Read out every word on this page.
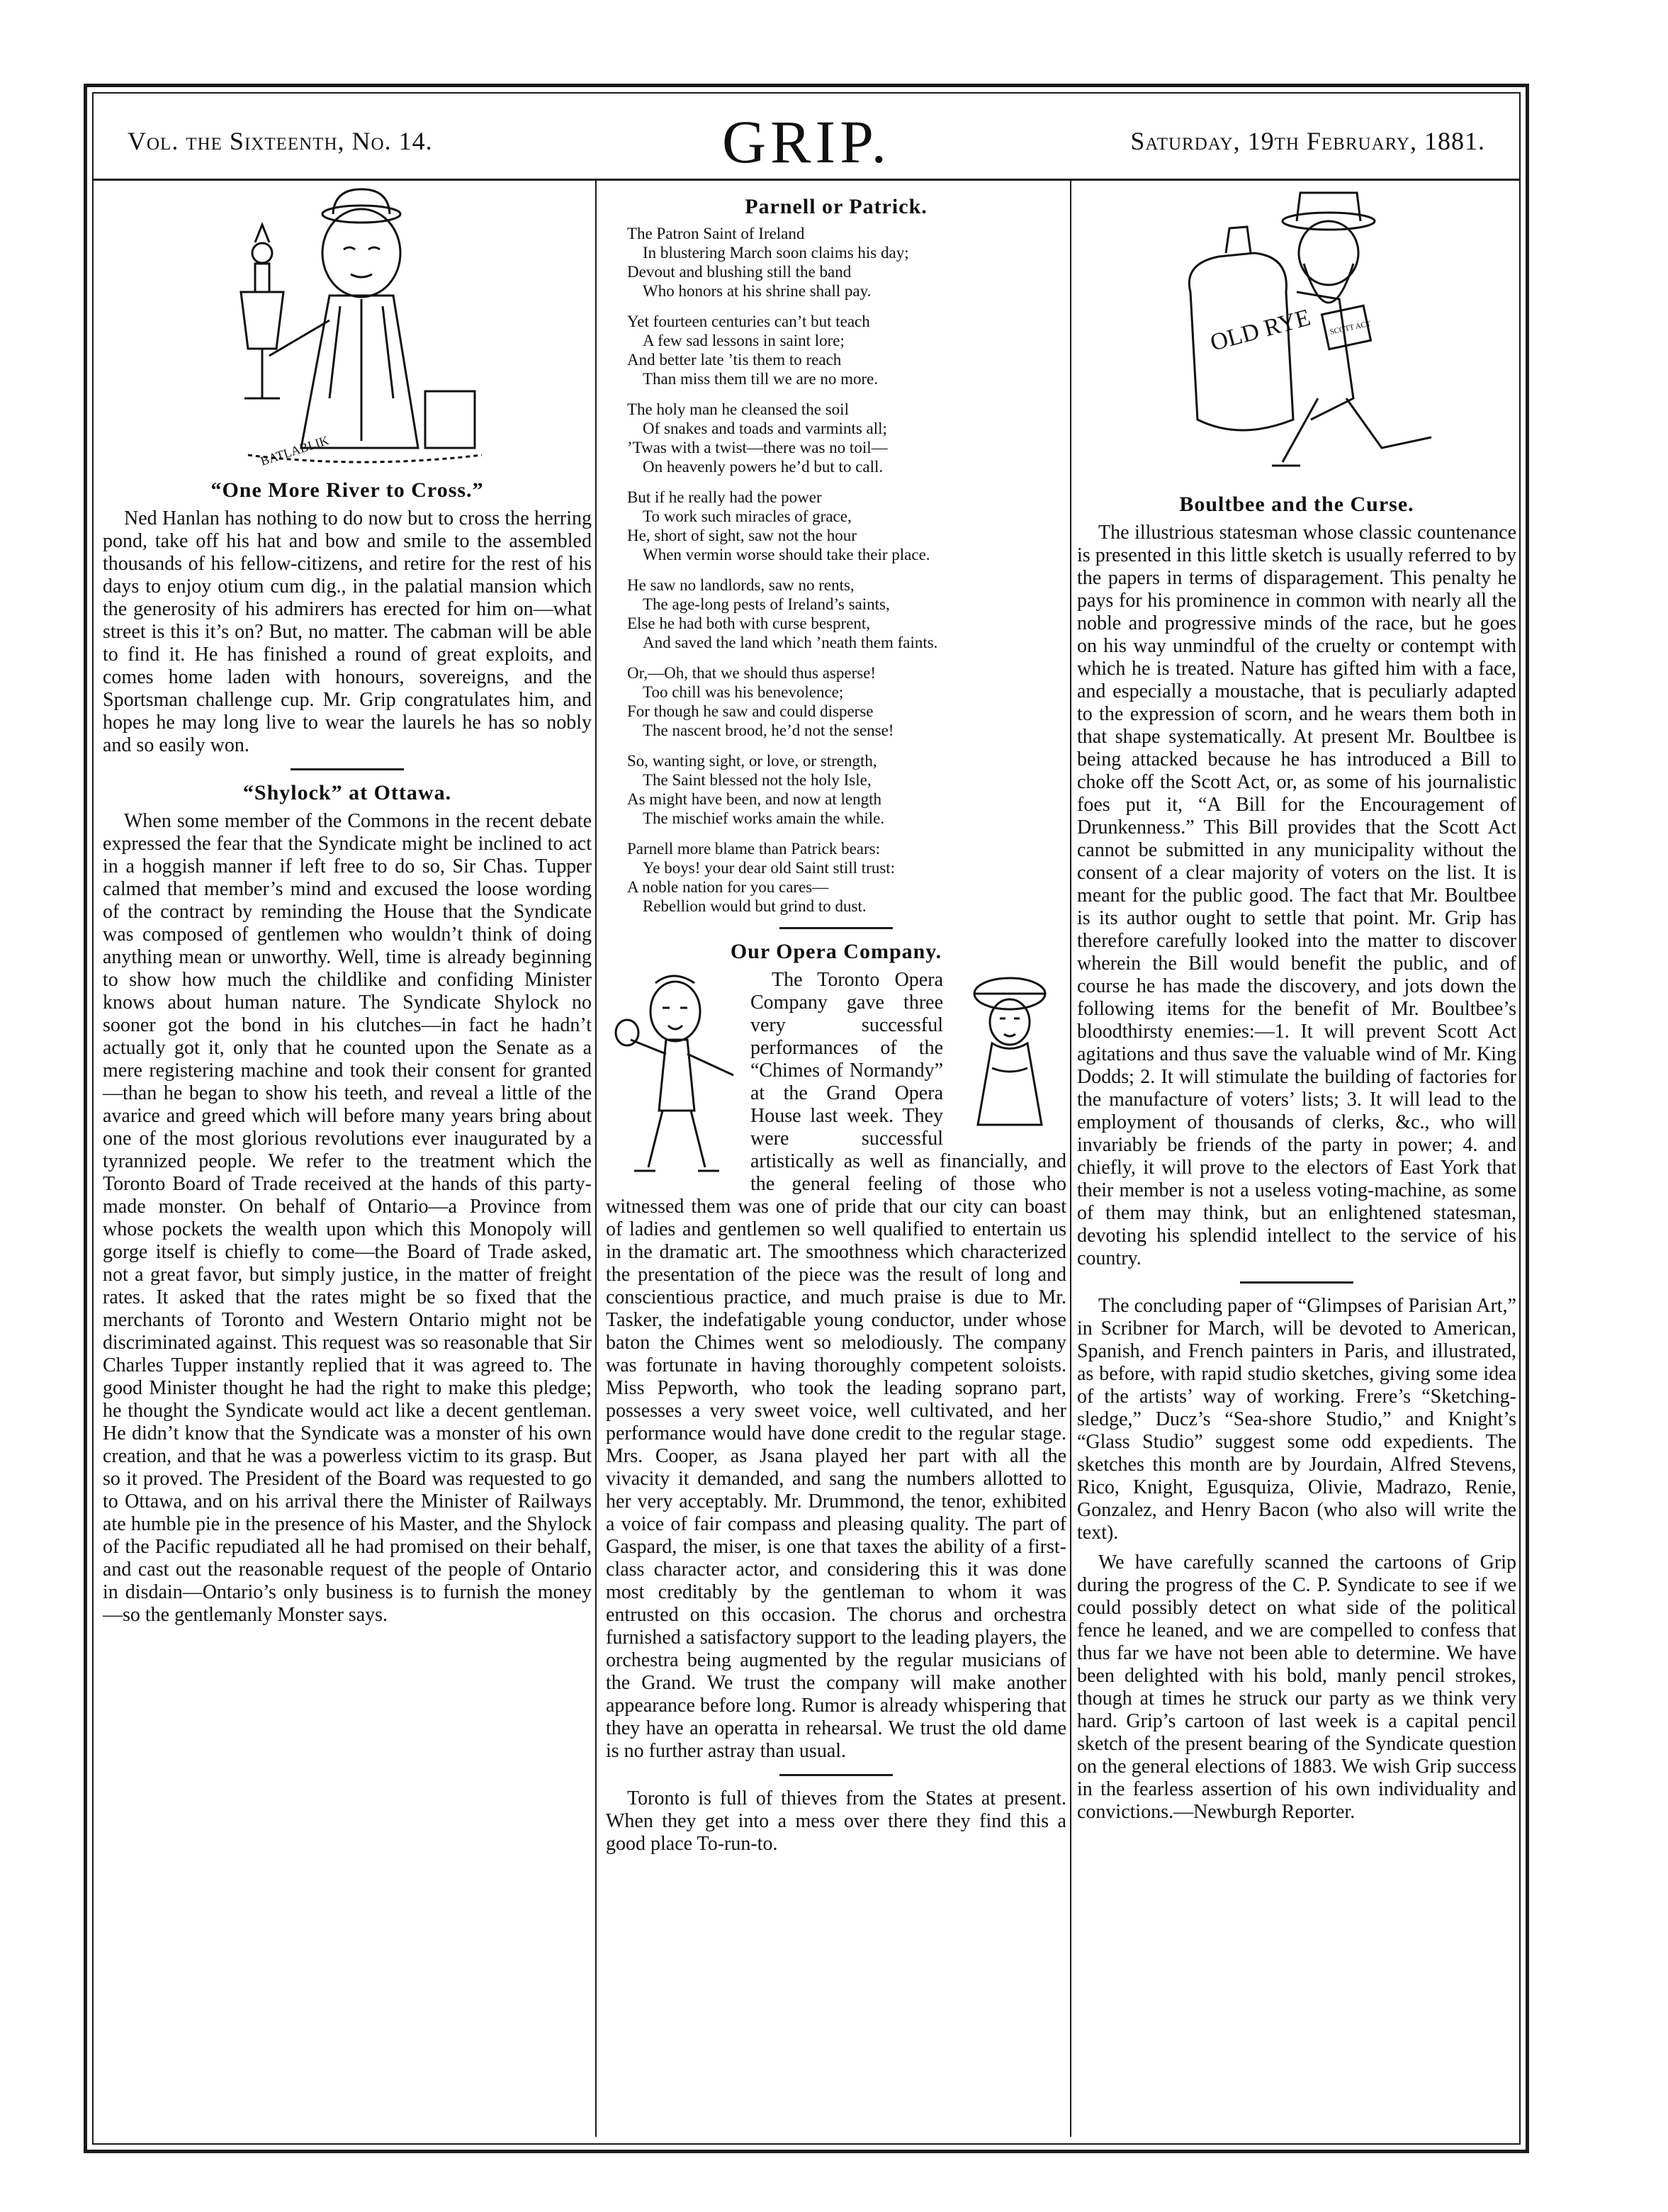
Vol. the Sixteenth, No. 14.	GRIP.	Saturday, 19th February, 1881.
BATLABLIK
“One More River to Cross.”

Ned Hanlan has nothing to do now but to cross the herring pond, take off his hat and bow and smile to the assembled thousands of his fellow-citizens, and retire for the rest of his days to enjoy otium cum dig., in the palatial mansion which the generosity of his admirers has erected for him on—what street is this it’s on? But, no matter. The cabman will be able to find it. He has finished a round of great exploits, and comes home laden with honours, sovereigns, and the Sportsman challenge cup. Mr. Grip congratulates him, and hopes he may long live to wear the laurels he has so nobly and so easily won.

“Shylock” at Ottawa.

When some member of the Commons in the recent debate expressed the fear that the Syndicate might be inclined to act in a hoggish manner if left free to do so, Sir Chas. Tupper calmed that member’s mind and excused the loose wording of the contract by reminding the House that the Syndicate was composed of gentlemen who wouldn’t think of doing anything mean or unworthy. Well, time is already beginning to show how much the childlike and confiding Minister knows about human nature. The Syndicate Shylock no sooner got the bond in his clutches—in fact he hadn’t actually got it, only that he counted upon the Senate as a mere registering machine and took their consent for granted—than he began to show his teeth, and reveal a little of the avarice and greed which will before many years bring about one of the most glorious revolutions ever inaugurated by a tyrannized people. We refer to the treatment which the Toronto Board of Trade received at the hands of this party-made monster. On behalf of Ontario—a Province from whose pockets the wealth upon which this Monopoly will gorge itself is chiefly to come—the Board of Trade asked, not a great favor, but simply justice, in the matter of freight rates. It asked that the rates might be so fixed that the merchants of Toronto and Western Ontario might not be discriminated against. This request was so reasonable that Sir Charles Tupper instantly replied that it was agreed to. The good Minister thought he had the right to make this pledge; he thought the Syndicate would act like a decent gentleman. He didn’t know that the Syndicate was a monster of his own creation, and that he was a powerless victim to its grasp. But so it proved. The President of the Board was requested to go to Ottawa, and on his arrival there the Minister of Railways ate humble pie in the presence of his Master, and the Shylock of the Pacific repudiated all he had promised on their behalf, and cast out the reasonable request of the people of Ontario in disdain—Ontario’s only business is to furnish the money—so the gentlemanly Monster says.

Parnell or Patrick.
The Patron Saint of Ireland
In blustering March soon claims his day;
Devout and blushing still the band
Who honors at his shrine shall pay.
Yet fourteen centuries can’t but teach
A few sad lessons in saint lore;
And better late ’tis them to reach
Than miss them till we are no more.
The holy man he cleansed the soil
Of snakes and toads and varmints all;
’Twas with a twist—there was no toil—
On heavenly powers he’d but to call.
But if he really had the power
To work such miracles of grace,
He, short of sight, saw not the hour
When vermin worse should take their place.
He saw no landlords, saw no rents,
The age-long pests of Ireland’s saints,
Else he had both with curse besprent,
And saved the land which ’neath them faints.
Or,—Oh, that we should thus asperse!
Too chill was his benevolence;
For though he saw and could disperse
The nascent brood, he’d not the sense!
So, wanting sight, or love, or strength,
The Saint blessed not the holy Isle,
As might have been, and now at length
The mischief works amain the while.
Parnell more blame than Patrick bears:
Ye boys! your dear old Saint still trust:
A noble nation for you cares—
Rebellion would but grind to dust.
Our Opera Company.

The Toronto Opera Company gave three very successful performances of the “Chimes of Normandy” at the Grand Opera House last week. They were successful artistically as well as financially, and the general feeling of those who witnessed them was one of pride that our city can boast of ladies and gentlemen so well qualified to entertain us in the dramatic art. The smoothness which characterized the presentation of the piece was the result of long and conscientious practice, and much praise is due to Mr. Tasker, the indefatigable young conductor, under whose baton the Chimes went so melodiously. The company was fortunate in having thoroughly competent soloists. Miss Pepworth, who took the leading soprano part, possesses a very sweet voice, well cultivated, and her performance would have done credit to the regular stage. Mrs. Cooper, as Jsana played her part with all the vivacity it demanded, and sang the numbers allotted to her very acceptably. Mr. Drummond, the tenor, exhibited a voice of fair compass and pleasing quality. The part of Gaspard, the miser, is one that taxes the ability of a first-class character actor, and considering this it was done most creditably by the gentleman to whom it was entrusted on this occasion. The chorus and orchestra furnished a satisfactory support to the leading players, the orchestra being augmented by the regular musicians of the Grand. We trust the company will make another appearance before long. Rumor is already whispering that they have an operatta in rehearsal. We trust the old dame is no further astray than usual.

Toronto is full of thieves from the States at present. When they get into a mess over there they find this a good place To-run-to.

OLD RYE SCOTT ACT
Boultbee and the Curse.

The illustrious statesman whose classic countenance is presented in this little sketch is usually referred to by the papers in terms of disparagement. This penalty he pays for his prominence in common with nearly all the noble and progressive minds of the race, but he goes on his way unmindful of the cruelty or contempt with which he is treated. Nature has gifted him with a face, and especially a moustache, that is peculiarly adapted to the expression of scorn, and he wears them both in that shape systematically. At present Mr. Boultbee is being attacked because he has introduced a Bill to choke off the Scott Act, or, as some of his journalistic foes put it, “A Bill for the Encouragement of Drunkenness.” This Bill provides that the Scott Act cannot be submitted in any municipality without the consent of a clear majority of voters on the list. It is meant for the public good. The fact that Mr. Boultbee is its author ought to settle that point. Mr. Grip has therefore carefully looked into the matter to discover wherein the Bill would benefit the public, and of course he has made the discovery, and jots down the following items for the benefit of Mr. Boultbee’s bloodthirsty enemies:—1. It will prevent Scott Act agitations and thus save the valuable wind of Mr. King Dodds; 2. It will stimulate the building of factories for the manufacture of voters’ lists; 3. It will lead to the employment of thousands of clerks, &c., who will invariably be friends of the party in power; 4. and chiefly, it will prove to the electors of East York that their member is not a useless voting-machine, as some of them may think, but an enlightened statesman, devoting his splendid intellect to the service of his country.

The concluding paper of “Glimpses of Parisian Art,” in Scribner for March, will be devoted to American, Spanish, and French painters in Paris, and illustrated, as before, with rapid studio sketches, giving some idea of the artists’ way of working. Frere’s “Sketching-sledge,” Ducz’s “Sea-shore Studio,” and Knight’s “Glass Studio” suggest some odd expedients. The sketches this month are by Jourdain, Alfred Stevens, Rico, Knight, Egusquiza, Olivie, Madrazo, Renie, Gonzalez, and Henry Bacon (who also will write the text).

We have carefully scanned the cartoons of Grip during the progress of the C. P. Syndicate to see if we could possibly detect on what side of the political fence he leaned, and we are compelled to confess that thus far we have not been able to determine. We have been delighted with his bold, manly pencil strokes, though at times he struck our party as we think very hard. Grip’s cartoon of last week is a capital pencil sketch of the present bearing of the Syndicate question on the general elections of 1883. We wish Grip success in the fearless assertion of his own individuality and convictions.—Newburgh Reporter.
